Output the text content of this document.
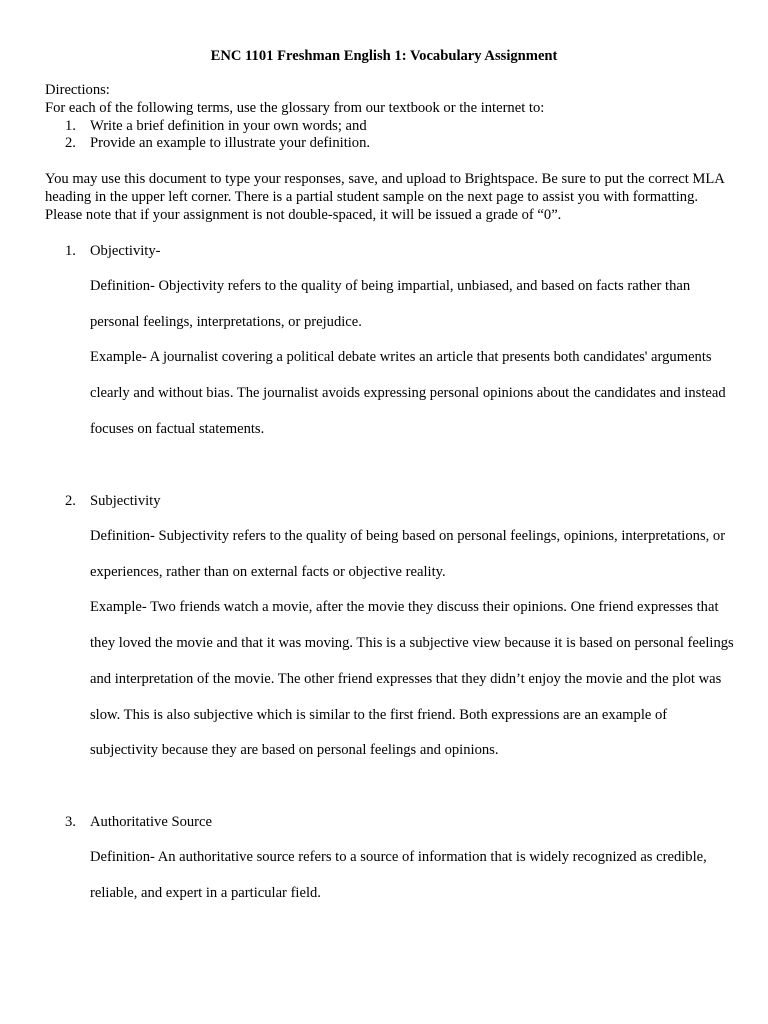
ENC 1101 Freshman English 1: Vocabulary Assignment
Directions:
For each of the following terms, use the glossary from our textbook or the internet to:
1. Write a brief definition in your own words; and
2. Provide an example to illustrate your definition.
You may use this document to type your responses, save, and upload to Brightspace. Be sure to put the correct MLA heading in the upper left corner. There is a partial student sample on the next page to assist you with formatting. Please note that if your assignment is not double-spaced, it will be issued a grade of “0”.
1. Objectivity-
Definition- Objectivity refers to the quality of being impartial, unbiased, and based on facts rather than personal feelings, interpretations, or prejudice.
Example- A journalist covering a political debate writes an article that presents both candidates' arguments clearly and without bias. The journalist avoids expressing personal opinions about the candidates and instead focuses on factual statements.
2. Subjectivity
Definition- Subjectivity refers to the quality of being based on personal feelings, opinions, interpretations, or experiences, rather than on external facts or objective reality.
Example- Two friends watch a movie, after the movie they discuss their opinions. One friend expresses that they loved the movie and that it was moving. This is a subjective view because it is based on personal feelings and interpretation of the movie. The other friend expresses that they didn’t enjoy the movie and the plot was slow. This is also subjective which is similar to the first friend. Both expressions are an example of subjectivity because they are based on personal feelings and opinions.
3. Authoritative Source
Definition- An authoritative source refers to a source of information that is widely recognized as credible, reliable, and expert in a particular field.
